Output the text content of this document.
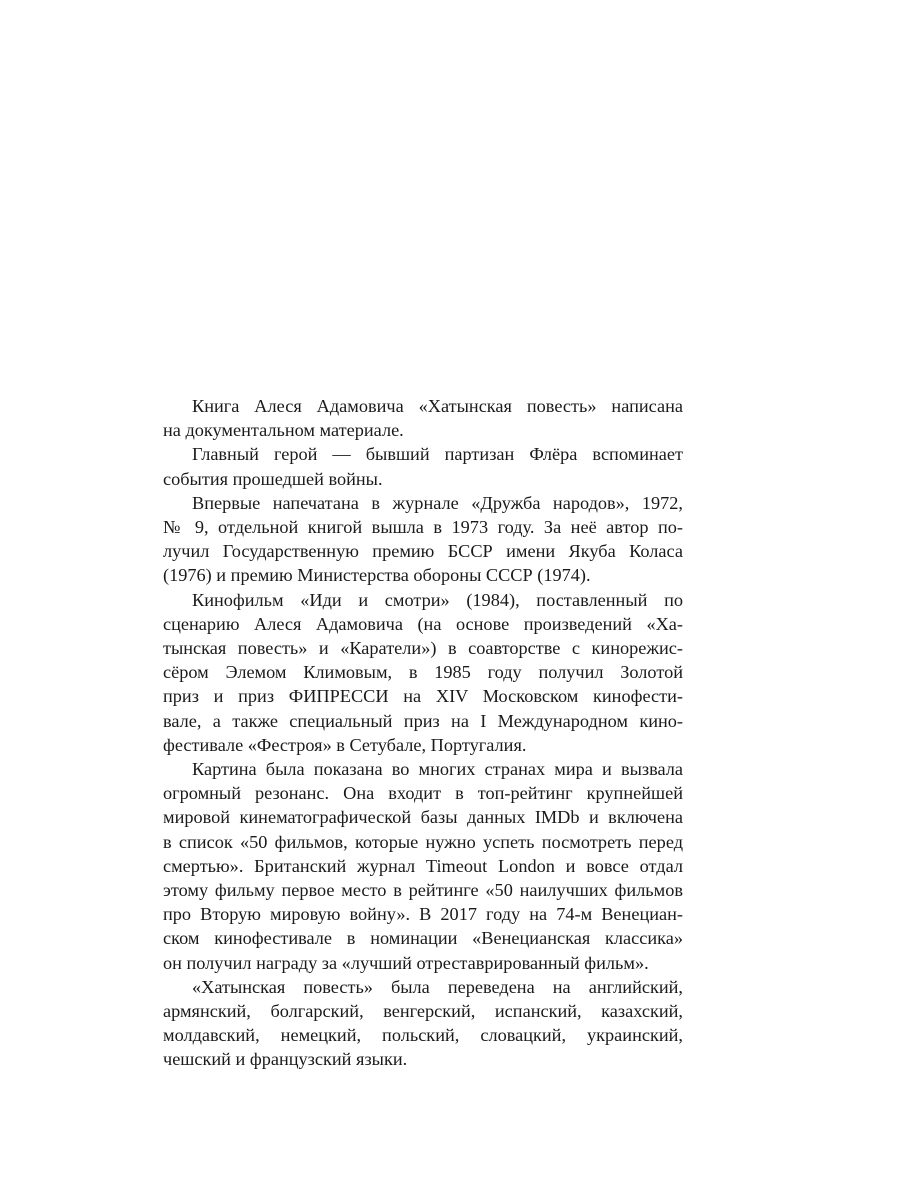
Книга Алеся Адамовича «Хатынская повесть» написана
на документальном материале.

Главный герой — бывший партизан Флёра вспоминает
события прошедшей войны.

Впервые напечатана в журнале «Дружба народов», 1972,
№ 9, отдельной книгой вышла в 1973 году. За неё автор по-
лучил Государственную премию БССР имени Якуба Коласа
(1976) и премию Министерства обороны СССР (1974).

Кинофильм «Иди и смотри» (1984), поставленный по
сценарию Алеся Адамовича (на основе произведений «Ха-
тынская повесть» и «Каратели») в соавторстве с кинорежис-
сёром Элемом Климовым, в 1985 году получил Золотой
приз и приз ФИПРЕССИ на XIV Московском кинофести-
вале, а также специальный приз на I Международном кино-
фестивале «Фестроя» в Сетубале, Португалия.

Картина была показана во многих странах мира и вызвала
огромный резонанс. Она входит в топ-рейтинг крупнейшей
мировой кинематографической базы данных IMDb и включена
в список «50 фильмов, которые нужно успеть посмотреть перед
смертью». Британский журнал Timeout London и вовсе отдал
этому фильму первое место в рейтинге «50 наилучших фильмов
про Вторую мировую войну». В 2017 году на 74-м Венециан-
ском кинофестивале в номинации «Венецианская классика»
он получил награду за «лучший отреставрированный фильм».

«Хатынская повесть» была переведена на английский,
армянский, болгарский, венгерский, испанский, казахский,
молдавский, немецкий, польский, словацкий, украинский,
чешский и французский языки.
